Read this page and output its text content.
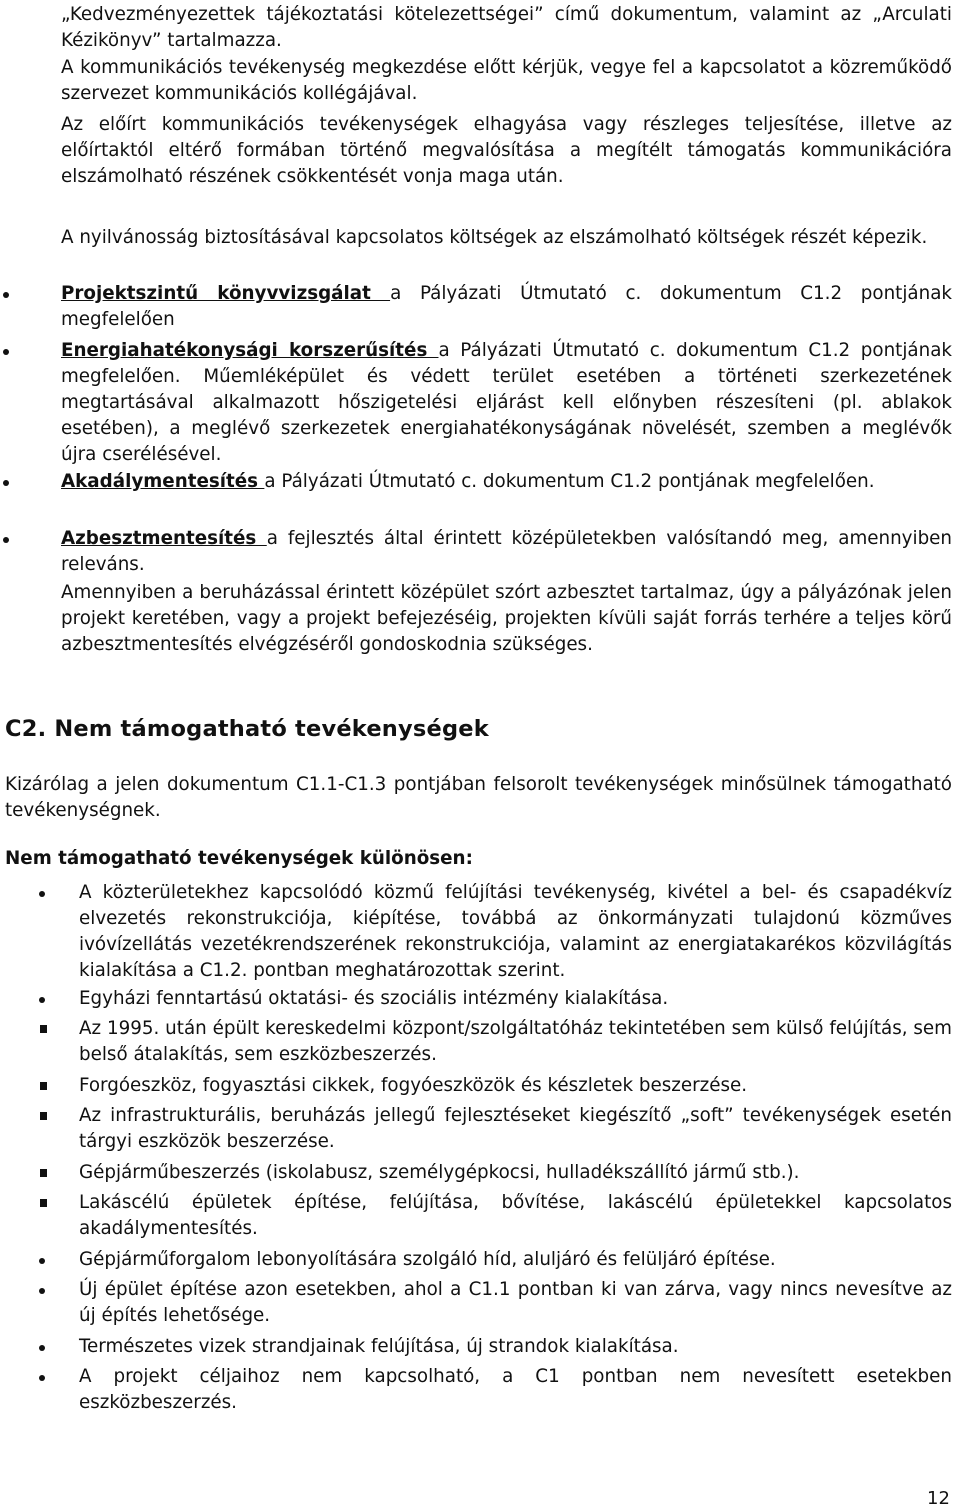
„Kedvezményezettek tájékoztatási kötelezettségei” című dokumentum, valamint az „Arculati Kézikönyv” tartalmazza.

A kommunikációs tevékenység megkezdése előtt kérjük, vegye fel a kapcsolatot a közreműködő szervezet kommunikációs kollégájával.

Az előírt kommunikációs tevékenységek elhagyása vagy részleges teljesítése, illetve az előírtaktól eltérő formában történő megvalósítása a megítélt támogatás kommunikációra elszámolható részének csökkentését vonja maga után.

A nyilvánosság biztosításával kapcsolatos költségek az elszámolható költségek részét képezik.

Projektszintű könyvvizsgálat a Pályázati Útmutató c. dokumentum C1.2 pontjának megfelelően

Energiahatékonysági korszerűsítés a Pályázati Útmutató c. dokumentum C1.2 pontjának megfelelően. Műemléképület és védett terület esetében a történeti szerkezetének megtartásával alkalmazott hőszigetelési eljárást kell előnyben részesíteni (pl. ablakok esetében), a meglévő szerkezetek energiahatékonyságának növelését, szemben a meglévők újra cserélésével.

Akadálymentesítés a Pályázati Útmutató c. dokumentum C1.2 pontjának megfelelően.

Azbesztmentesítés a fejlesztés által érintett középületekben valósítandó meg, amennyiben releváns.

Amennyiben a beruházással érintett középület szórt azbesztet tartalmaz, úgy a pályázónak jelen projekt keretében, vagy a projekt befejezéséig, projekten kívüli saját forrás terhére a teljes körű azbesztmentesítés elvégzéséről gondoskodnia szükséges.

C2. Nem támogatható tevékenységek

Kizárólag a jelen dokumentum C1.1-C1.3 pontjában felsorolt tevékenységek minősülnek támogatható tevékenységnek.

Nem támogatható tevékenységek különösen:

A közterületekhez kapcsolódó közmű felújítási tevékenység, kivétel a bel- és csapadékvíz elvezetés rekonstrukciója, kiépítése, továbbá az önkormányzati tulajdonú közműves ivóvízellátás vezetékrendszerének rekonstrukciója, valamint az energiatakarékos közvilágítás kialakítása a C1.2. pontban meghatározottak szerint.

Egyházi fenntartású oktatási- és szociális intézmény kialakítása.

Az 1995. után épült kereskedelmi központ/szolgáltatóház tekintetében sem külső felújítás, sem belső átalakítás, sem eszközbeszerzés.

Forgóeszköz, fogyasztási cikkek, fogyóeszközök és készletek beszerzése.

Az infrastrukturális, beruházás jellegű fejlesztéseket kiegészítő „soft” tevékenységek esetén tárgyi eszközök beszerzése.

Gépjárműbeszerzés (iskolabusz, személygépkocsi, hulladékszállító jármű stb.).

Lakáscélú épületek építése, felújítása, bővítése, lakáscélú épületekkel kapcsolatos akadálymentesítés.

Gépjárműforgalom lebonyolítására szolgáló híd, aluljáró és felüljáró építése.

Új épület építése azon esetekben, ahol a C1.1 pontban ki van zárva, vagy nincs nevesítve az új építés lehetősége.

Természetes vizek strandjainak felújítása, új strandok kialakítása.

A projekt céljaihoz nem kapcsolható, a C1 pontban nem nevesített esetekben eszközbeszerzés.

12
